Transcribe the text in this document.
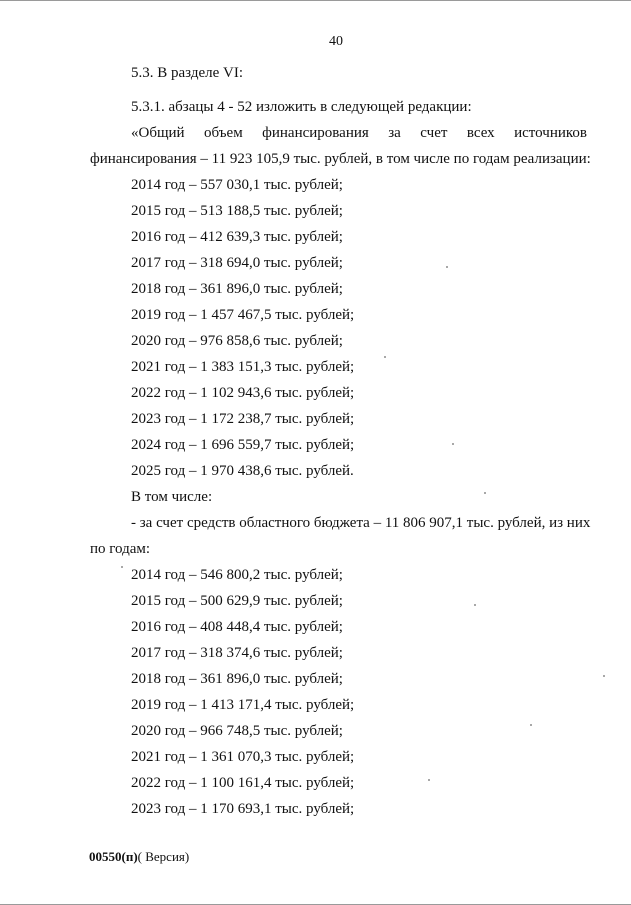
40
5.3. В разделе VI:
5.3.1. абзацы 4 - 52 изложить в следующей редакции:
«Общий объем финансирования за счет всех источников
финансирования – 11 923 105,9 тыс. рублей, в том числе по годам реализации:
2014 год – 557 030,1 тыс. рублей;
2015 год – 513 188,5 тыс. рублей;
2016 год – 412 639,3 тыс. рублей;
2017 год – 318 694,0 тыс. рублей;
2018 год – 361 896,0 тыс. рублей;
2019 год – 1 457 467,5 тыс. рублей;
2020 год – 976 858,6 тыс. рублей;
2021 год – 1 383 151,3 тыс. рублей;
2022 год – 1 102 943,6 тыс. рублей;
2023 год – 1 172 238,7 тыс. рублей;
2024 год – 1 696 559,7 тыс. рублей;
2025 год – 1 970 438,6 тыс. рублей.
В том числе:
- за счет средств областного бюджета – 11 806 907,1 тыс. рублей, из них
по годам:
2014 год – 546 800,2 тыс. рублей;
2015 год – 500 629,9 тыс. рублей;
2016 год – 408 448,4 тыс. рублей;
2017 год – 318 374,6 тыс. рублей;
2018 год – 361 896,0 тыс. рублей;
2019 год – 1 413 171,4 тыс. рублей;
2020 год – 966 748,5 тыс. рублей;
2021 год – 1 361 070,3 тыс. рублей;
2022 год – 1 100 161,4 тыс. рублей;
2023 год – 1 170 693,1 тыс. рублей;
00550(п)( Версия)
